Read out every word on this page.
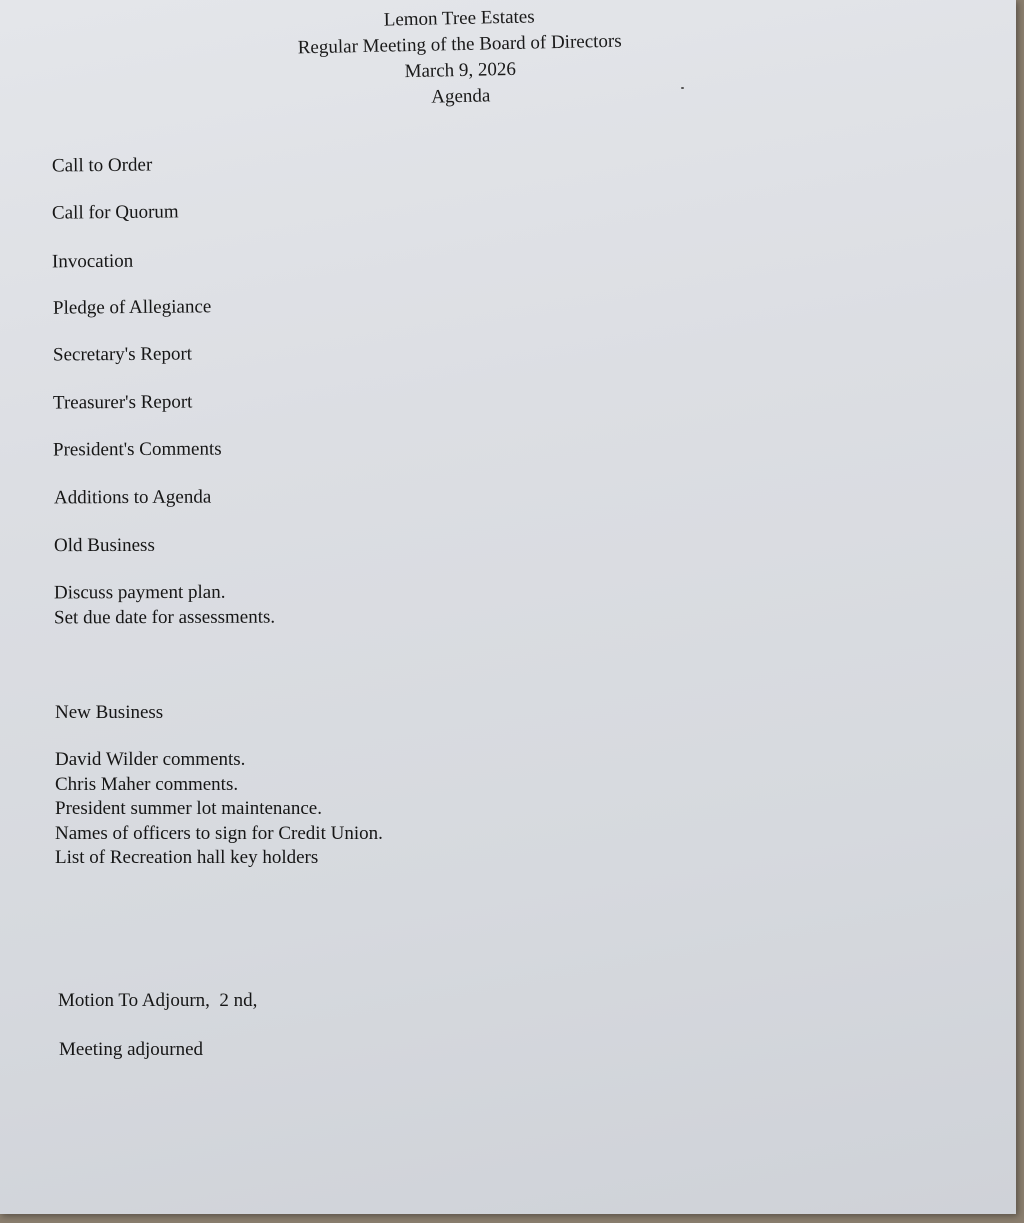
Lemon Tree Estates
Regular Meeting of the Board of Directors
March 9, 2026
Agenda
Call to Order
Call for Quorum
Invocation
Pledge of Allegiance
Secretary's Report
Treasurer's Report
President's Comments
Additions to Agenda
Old Business
Discuss payment plan.
Set due date for assessments.
New Business
David Wilder comments.
Chris Maher comments.
President summer lot maintenance.
Names of officers to sign for Credit Union.
List of Recreation hall key holders
Motion To Adjourn,  2 nd,
Meeting adjourned
